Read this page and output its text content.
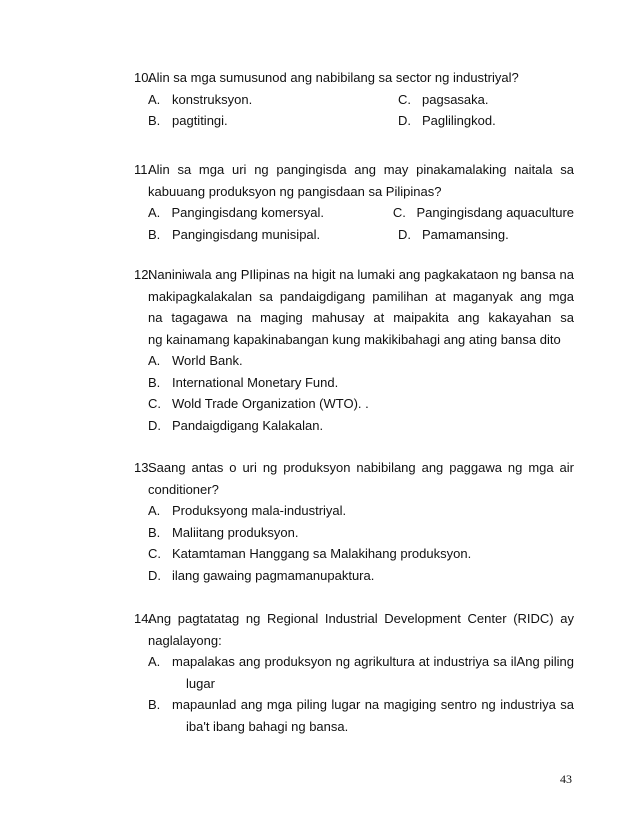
10.
Alin sa mga sumusunod ang nabibilang sa sector ng industriyal?
A. konstruksyon.	C. pagsasaka.
B. pagtitingi.	D. Paglilingkod.
11.
Alin sa mga uri ng pangingisda ang may pinakamalaking naitala sa
kabuuang produksyon ng pangisdaan sa Pilipinas?
A. Pangingisdang komersyal.	C. Pangingisdang aquaculture
B. Pangingisdang munisipal.	D. Pamamansing.
12.
Naniniwala ang PIlipinas na higit na lumaki ang pagkakataon ng bansa na
makipagkalakalan sa pandaigdigang pamilihan at maganyak ang mga
na tagagawa na maging mahusay at maipakita ang kakayahan sa
ng kainamang kapakinabangan kung makikibahagi ang ating bansa dito
A. World Bank.
B. International Monetary Fund.
C. Wold Trade Organization (WTO). .
D. Pandaigdigang Kalakalan.
13.
Saang antas o uri ng produksyon nabibilang ang paggawa ng mga air
conditioner?
A. Produksyong mala-industriyal.
B. Maliitang produksyon.
C. Katamtaman Hanggang sa Malakihang produksyon.
D. ilang gawaing pagmamanupaktura.
14.
Ang pagtatatag ng Regional Industrial Development Center (RIDC) ay
naglalayong:
A. mapalakas ang produksyon ng agrikultura at industriya sa ilAng piling
lugar
B. mapaunlad ang mga piling lugar na magiging sentro ng industriya sa
iba't ibang bahagi ng bansa.
43
